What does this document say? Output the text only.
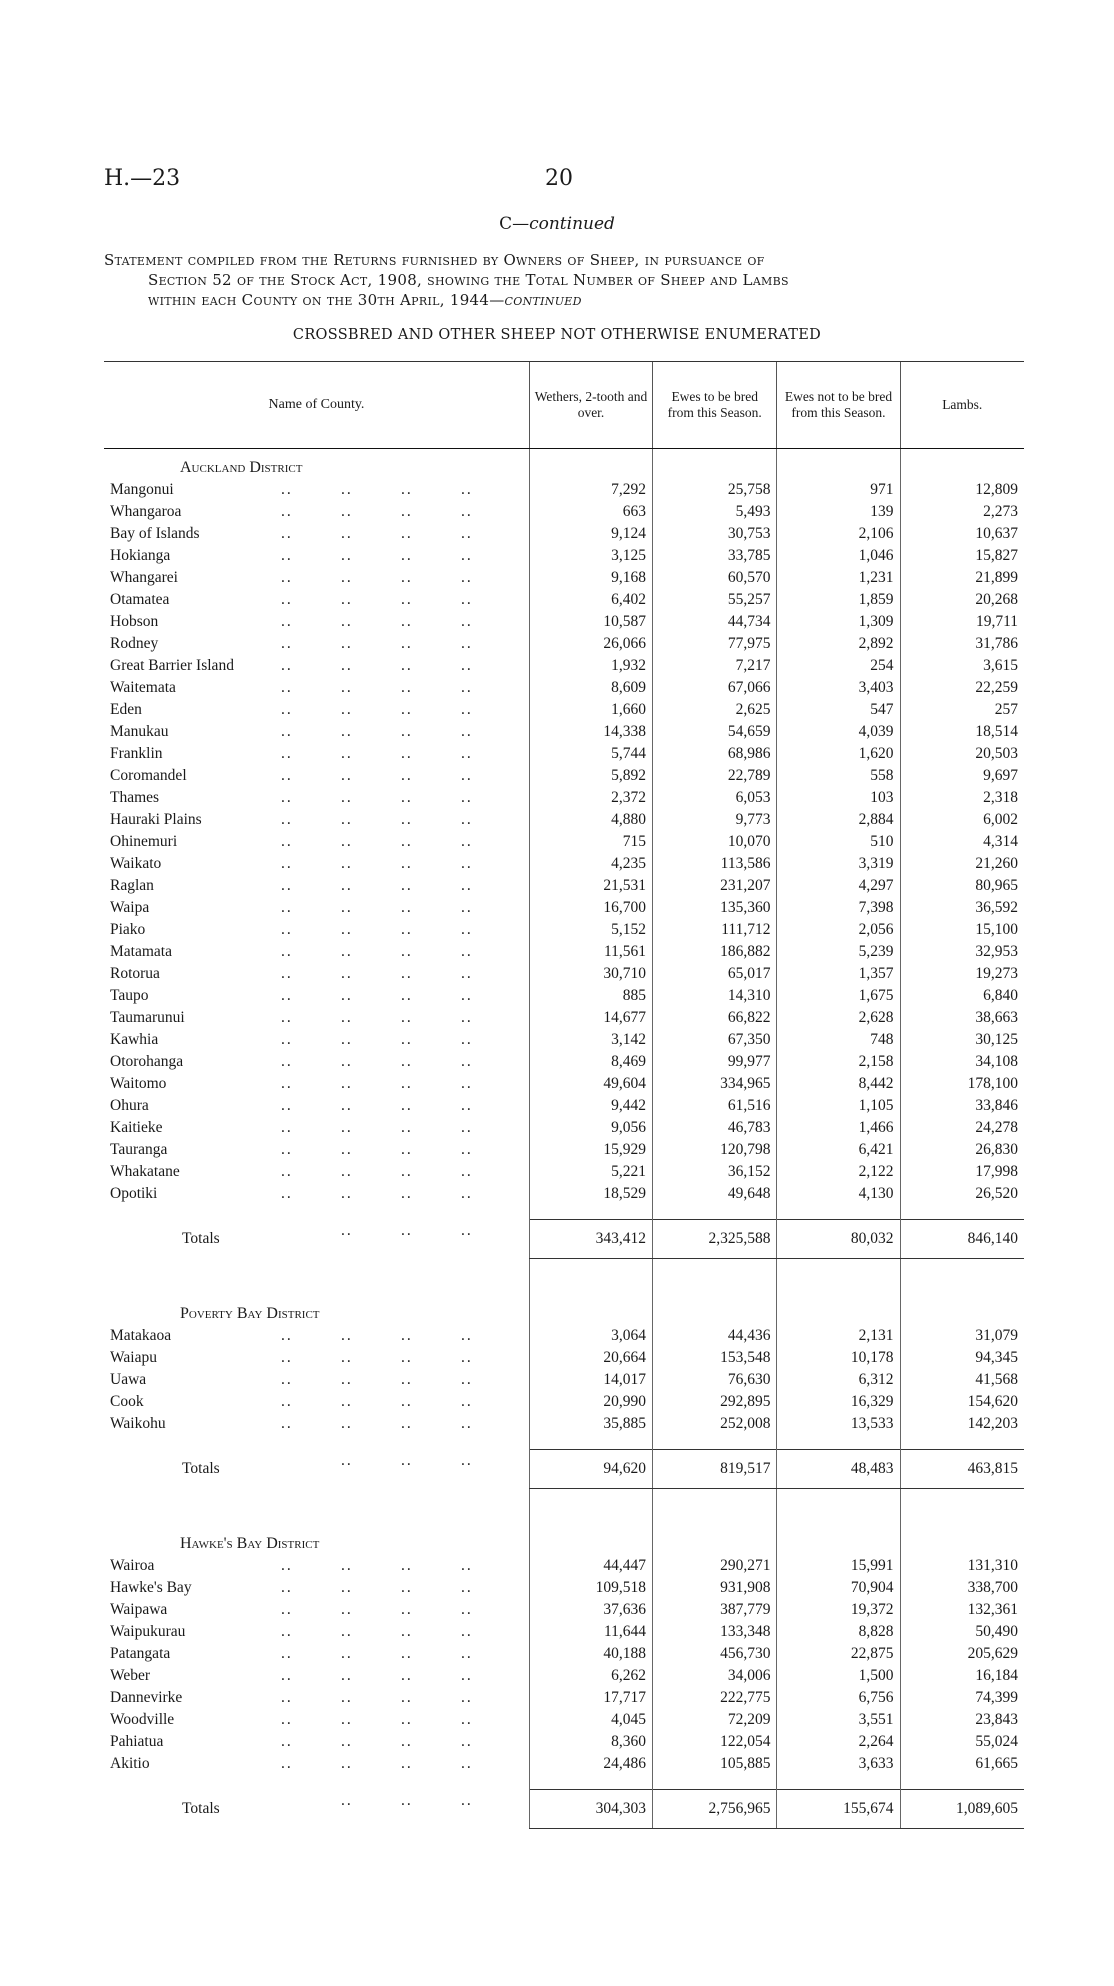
H.—23	20
C—continued

Statement compiled from the Returns furnished by Owners of Sheep, in pursuance of

Section 52 of the Stock Act, 1908, showing the Total Number of Sheep and Lambs

within each County on the 30th April, 1944—continued

CROSSBRED AND OTHER SHEEP NOT OTHERWISE ENUMERATED
Name of County.	Wethers, 2-tooth and over.	Ewes to be bred from this Season.	Ewes not to be bred from this Season.	Lambs.
Auckland District				

.. .. .. ..
Mangonui	7,292	25,758	971	12,809

.. .. .. ..
Whangaroa	663	5,493	139	2,273

.. .. .. ..
Bay of Islands	9,124	30,753	2,106	10,637

.. .. .. ..
Hokianga	3,125	33,785	1,046	15,827

.. .. .. ..
Whangarei	9,168	60,570	1,231	21,899

.. .. .. ..
Otamatea	6,402	55,257	1,859	20,268

.. .. .. ..
Hobson	10,587	44,734	1,309	19,711

.. .. .. ..
Rodney	26,066	77,975	2,892	31,786

.. .. .. ..
Great Barrier Island	1,932	7,217	254	3,615

.. .. .. ..
Waitemata	8,609	67,066	3,403	22,259

.. .. .. ..
Eden	1,660	2,625	547	257

.. .. .. ..
Manukau	14,338	54,659	4,039	18,514

.. .. .. ..
Franklin	5,744	68,986	1,620	20,503

.. .. .. ..
Coromandel	5,892	22,789	558	9,697

.. .. .. ..
Thames	2,372	6,053	103	2,318

.. .. .. ..
Hauraki Plains	4,880	9,773	2,884	6,002

.. .. .. ..
Ohinemuri	715	10,070	510	4,314

.. .. .. ..
Waikato	4,235	113,586	3,319	21,260

.. .. .. ..
Raglan	21,531	231,207	4,297	80,965

.. .. .. ..
Waipa	16,700	135,360	7,398	36,592

.. .. .. ..
Piako	5,152	111,712	2,056	15,100

.. .. .. ..
Matamata	11,561	186,882	5,239	32,953

.. .. .. ..
Rotorua	30,710	65,017	1,357	19,273

.. .. .. ..
Taupo	885	14,310	1,675	6,840

.. .. .. ..
Taumarunui	14,677	66,822	2,628	38,663

.. .. .. ..
Kawhia	3,142	67,350	748	30,125

.. .. .. ..
Otorohanga	8,469	99,977	2,158	34,108

.. .. .. ..
Waitomo	49,604	334,965	8,442	178,100

.. .. .. ..
Ohura	9,442	61,516	1,105	33,846

.. .. .. ..
Kaitieke	9,056	46,783	1,466	24,278

.. .. .. ..
Tauranga	15,929	120,798	6,421	26,830

.. .. .. ..
Whakatane	5,221	36,152	2,122	17,998

.. .. .. ..
Opotiki	18,529	49,648	4,130	26,520

.. .. ..
Totals	343,412	2,325,588	80,032	846,140

Poverty Bay District				

.. .. .. ..
Matakaoa	3,064	44,436	2,131	31,079

.. .. .. ..
Waiapu	20,664	153,548	10,178	94,345

.. .. .. ..
Uawa	14,017	76,630	6,312	41,568

.. .. .. ..
Cook	20,990	292,895	16,329	154,620

.. .. .. ..
Waikohu	35,885	252,008	13,533	142,203

.. .. ..
Totals	94,620	819,517	48,483	463,815

Hawke's Bay District				

.. .. .. ..
Wairoa	44,447	290,271	15,991	131,310

.. .. .. ..
Hawke's Bay	109,518	931,908	70,904	338,700

.. .. .. ..
Waipawa	37,636	387,779	19,372	132,361

.. .. .. ..
Waipukurau	11,644	133,348	8,828	50,490

.. .. .. ..
Patangata	40,188	456,730	22,875	205,629

.. .. .. ..
Weber	6,262	34,006	1,500	16,184

.. .. .. ..
Dannevirke	17,717	222,775	6,756	74,399

.. .. .. ..
Woodville	4,045	72,209	3,551	23,843

.. .. .. ..
Pahiatua	8,360	122,054	2,264	55,024

.. .. .. ..
Akitio	24,486	105,885	3,633	61,665

.. .. ..
Totals	304,303	2,756,965	155,674	1,089,605
